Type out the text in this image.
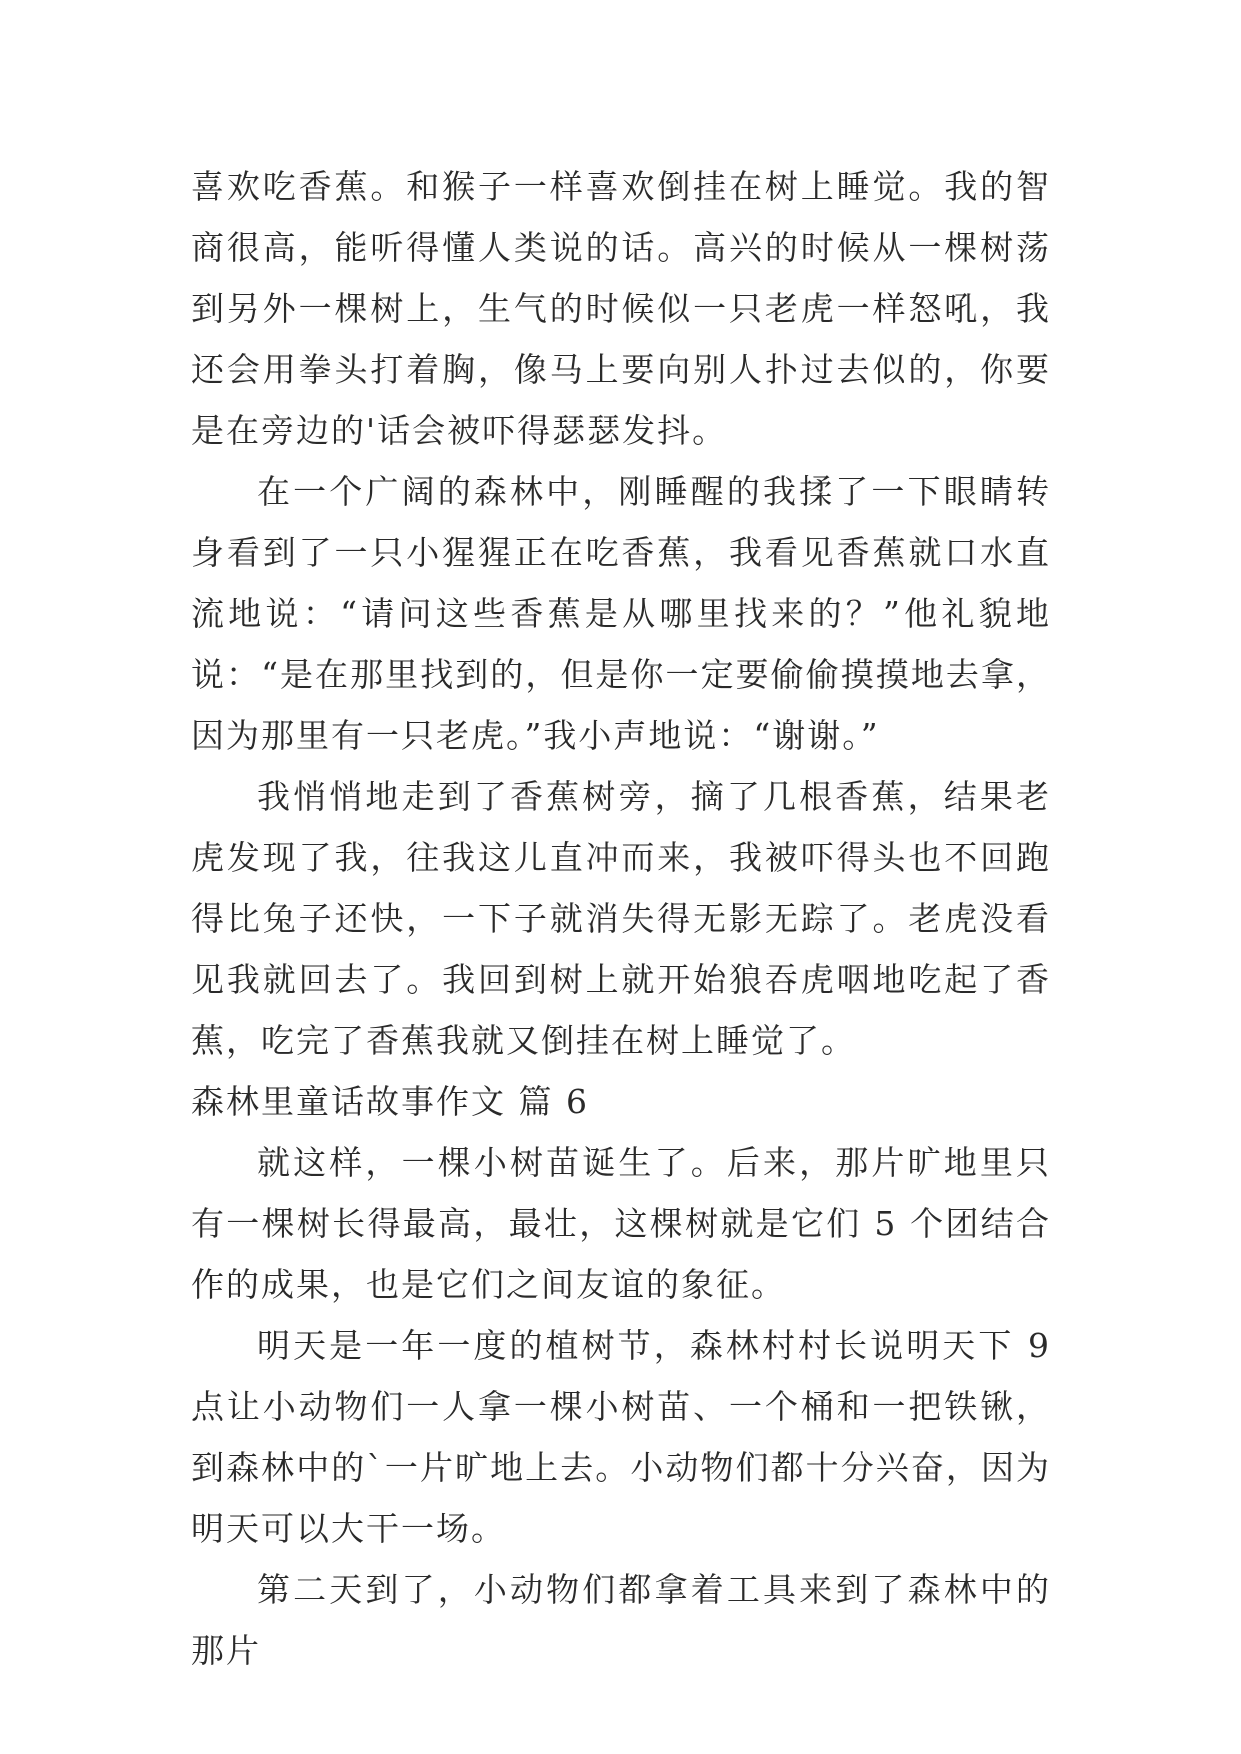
喜欢吃香蕉。和猴子一样喜欢倒挂在树上睡觉。我的智商很高，能听得懂人类说的话。高兴的时候从一棵树荡到另外一棵树上，生气的时候似一只老虎一样怒吼，我还会用拳头打着胸，像马上要向别人扑过去似的，你要是在旁边的'话会被吓得瑟瑟发抖。

在一个广阔的森林中，刚睡醒的我揉了一下眼睛转身看到了一只小猩猩正在吃香蕉，我看见香蕉就口水直流地说：“请问这些香蕉是从哪里找来的？”他礼貌地说：“是在那里找到的，但是你一定要偷偷摸摸地去拿，因为那里有一只老虎。”我小声地说：“谢谢。”

我悄悄地走到了香蕉树旁，摘了几根香蕉，结果老虎发现了我，往我这儿直冲而来，我被吓得头也不回跑得比兔子还快，一下子就消失得无影无踪了。老虎没看见我就回去了。我回到树上就开始狼吞虎咽地吃起了香蕉，吃完了香蕉我就又倒挂在树上睡觉了。

森林里童话故事作文 篇 6

就这样，一棵小树苗诞生了。后来，那片旷地里只有一棵树长得最高，最壮，这棵树就是它们 5 个团结合作的成果，也是它们之间友谊的象征。

明天是一年一度的植树节，森林村村长说明天下 9 点让小动物们一人拿一棵小树苗、一个桶和一把铁锹，到森林中的`一片旷地上去。小动物们都十分兴奋，因为明天可以大干一场。

第二天到了，小动物们都拿着工具来到了森林中的那片
